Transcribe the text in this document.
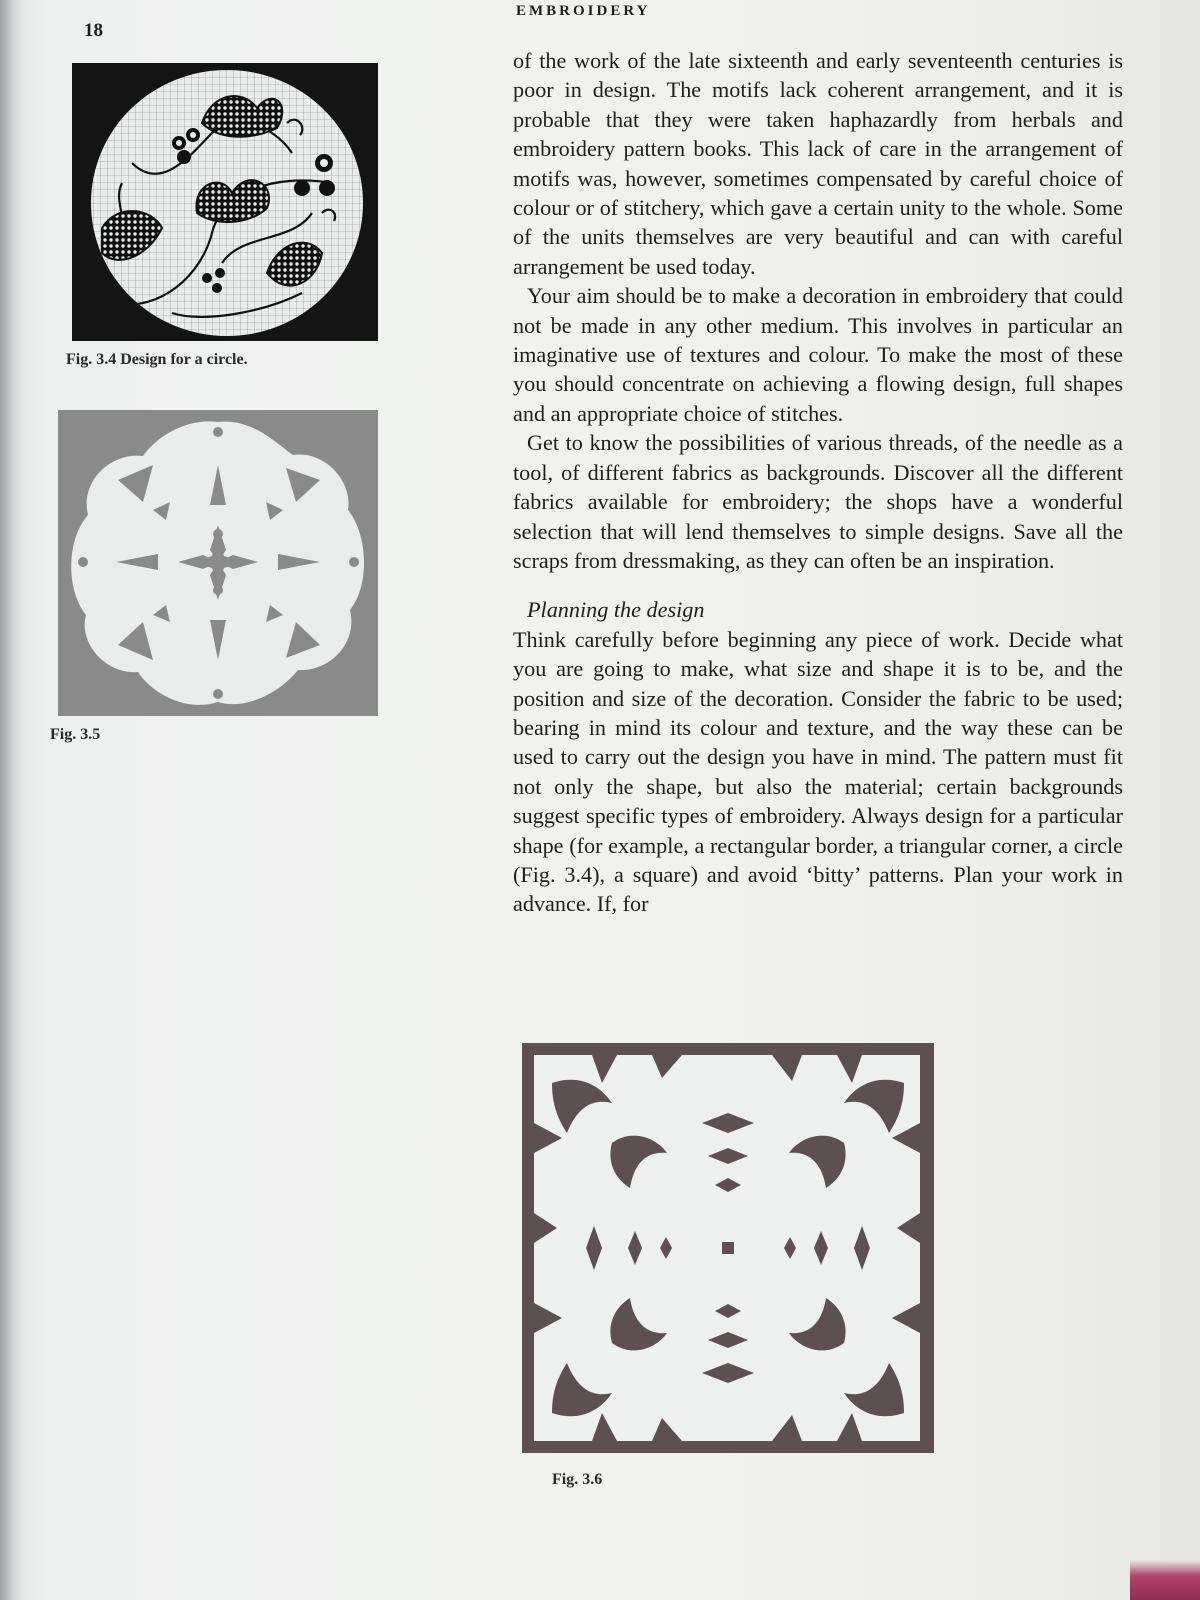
18
EMBROIDERY
Fig. 3.4 Design for a circle.
Fig. 3.5

of the work of the late sixteenth and early seventeenth centuries is poor in design. The motifs lack coherent arrangement, and it is probable that they were taken haphazardly from herbals and embroidery pattern books. This lack of care in the arrangement of motifs was, however, sometimes compensated by careful choice of colour or of stitchery, which gave a certain unity to the whole. Some of the units themselves are very beautiful and can with careful arrangement be used today.

Your aim should be to make a decoration in embroidery that could not be made in any other medium. This involves in particular an imaginative use of textures and colour. To make the most of these you should concentrate on achieving a flowing design, full shapes and an appropriate choice of stitches.

Get to know the possibilities of various threads, of the needle as a tool, of different fabrics as backgrounds. Discover all the different fabrics available for embroidery; the shops have a wonderful selection that will lend themselves to simple designs. Save all the scraps from dressmaking, as they can often be an inspiration.

Planning the design

Think carefully before beginning any piece of work. Decide what you are going to make, what size and shape it is to be, and the position and size of the decoration. Consider the fabric to be used; bearing in mind its colour and texture, and the way these can be used to carry out the design you have in mind. The pattern must fit not only the shape, but also the material; certain backgrounds suggest specific types of embroidery. Always design for a particular shape (for example, a rectangular border, a triangular corner, a circle (Fig. 3.4), a square) and avoid ‘bitty’ patterns. Plan your work in advance. If, for

Fig. 3.6
